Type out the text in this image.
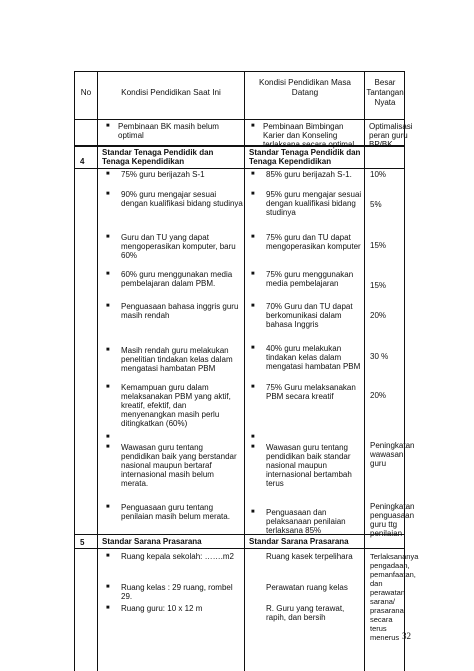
No	Kondisi Pendidikan Saat Ini
Kondisi Pendidikan Masa Datang
Besar Tantangan Nyata
■ Pembinaan BK masih belum optimal
■ Pembinaan Bimbingan Karier dan Konseling terlaksana secara optimal
Optimalisasi peran guru BP/BK
4
Standar Tenaga Pendidik dan Tenaga Kependidikan
Standar Tenaga Pendidik dan Tenaga Kependidikan
■ 75% guru berijazah S-1
■ 90% guru mengajar sesuai dengan kualifikasi bidang studinya
■ Guru dan TU yang dapat mengoperasikan komputer, baru 60%
■ 60% guru menggunakan media pembelajaran dalam PBM.
■ Penguasaan bahasa inggris guru masih rendah
■ Masih rendah guru melakukan penelitian tindakan kelas dalam mengatasi hambatan PBM
■ Kemampuan guru dalam melaksanakan PBM yang aktif, kreatif, efektif, dan menyenangkan masih perlu ditingkatkan (60%)
■
■ Wawasan guru tentang pendidikan baik yang berstandar nasional maupun bertaraf internasional masih belum merata.
■ Penguasaan guru tentang penilaian masih belum merata.
■ 85% guru berijazah S-1.
■ 95% guru mengajar sesuai dengan kualifikasi bidang studinya
■ 75% guru dan TU dapat mengoperasikan komputer
■ 75% guru menggunakan media pembelajaran
■ 70% Guru dan TU dapat berkomunikasi dalam bahasa Inggris
■ 40% guru melakukan tindakan kelas dalam mengatasi hambatan PBM
■ 75% Guru melaksanakan PBM secara kreatif
■
■ Wawasan guru tentang pendidikan baik standar nasional maupun internasional bertambah terus
■ Penguasaan dan pelaksanaan penilaian terlaksana 85%
10%
5%
15%
15%
20%
30 %
20%
Peningkatan wawasan guru
Peningkatan penguasaan guru ttg penilaian
5 Standar Sarana Prasarana	Standar Sarana Prasarana
■ Ruang kepala sekolah: …….m2
■ Ruang kelas : 29 ruang, rombel 29.
■ Ruang guru: 10 x 12 m
Ruang kasek terpelihara
Perawatan ruang kelas
R. Guru yang terawat, rapih, dan bersih
Terlaksananya pengadaan, pemanfaatan, dan perawatan sarana/ prasarana secara terus menerus 32
